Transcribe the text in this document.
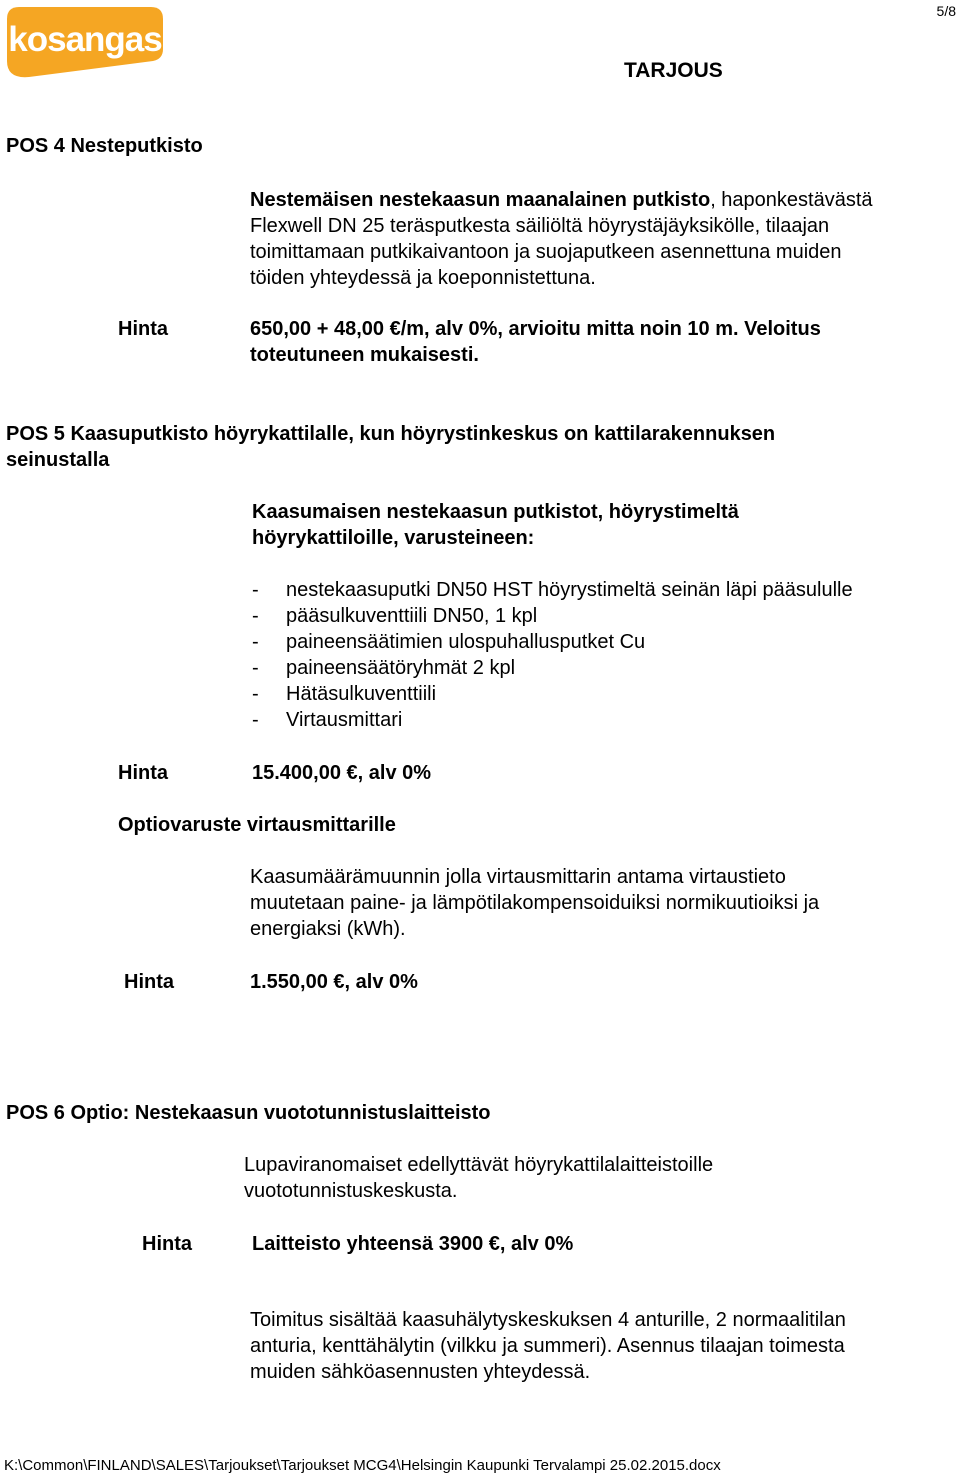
5/8
kosangas
TARJOUS
POS 4 Nesteputkisto
Nestemäisen nestekaasun maanalainen putkisto, haponkestävästä
Flexwell DN 25 teräsputkesta säiliöltä höyrystäjäyksikölle, tilaajan
toimittamaan putkikaivantoon ja suojaputkeen asennettuna muiden
töiden yhteydessä ja koeponnistettuna.
Hinta	650,00 + 48,00 €/m, alv 0%, arvioitu mitta noin 10 m. Veloitus
toteutuneen mukaisesti.
POS 5 Kaasuputkisto höyrykattilalle, kun höyrystinkeskus on kattilarakennuksen
seinustalla
Kaasumaisen nestekaasun putkistot, höyrystimeltä
höyrykattiloille, varusteineen:
- nestekaasuputki DN50 HST höyrystimeltä seinän läpi pääsululle
- pääsulkuventtiili DN50, 1 kpl
- paineensäätimien ulospuhallusputket Cu
- paineensäätöryhmät 2 kpl
- Hätäsulkuventtiili
- Virtausmittari
Hinta	15.400,00 €, alv 0%
Optiovaruste virtausmittarille
Kaasumäärämuunnin jolla virtausmittarin antama virtaustieto
muutetaan paine- ja lämpötilakompensoiduiksi normikuutioiksi ja
energiaksi (kWh).
Hinta	1.550,00 €, alv 0%
POS 6 Optio: Nestekaasun vuototunnistuslaitteisto
Lupaviranomaiset edellyttävät höyrykattilalaitteistoille
vuototunnistuskeskusta.
Hinta	Laitteisto yhteensä 3900 €, alv 0%
Toimitus sisältää kaasuhälytyskeskuksen 4 anturille, 2 normaalitilan
anturia, kenttähälytin (vilkku ja summeri). Asennus tilaajan toimesta
muiden sähköasennusten yhteydessä.
K:\Common\FINLAND\SALES\Tarjoukset\Tarjoukset MCG4\Helsingin Kaupunki Tervalampi 25.02.2015.docx
